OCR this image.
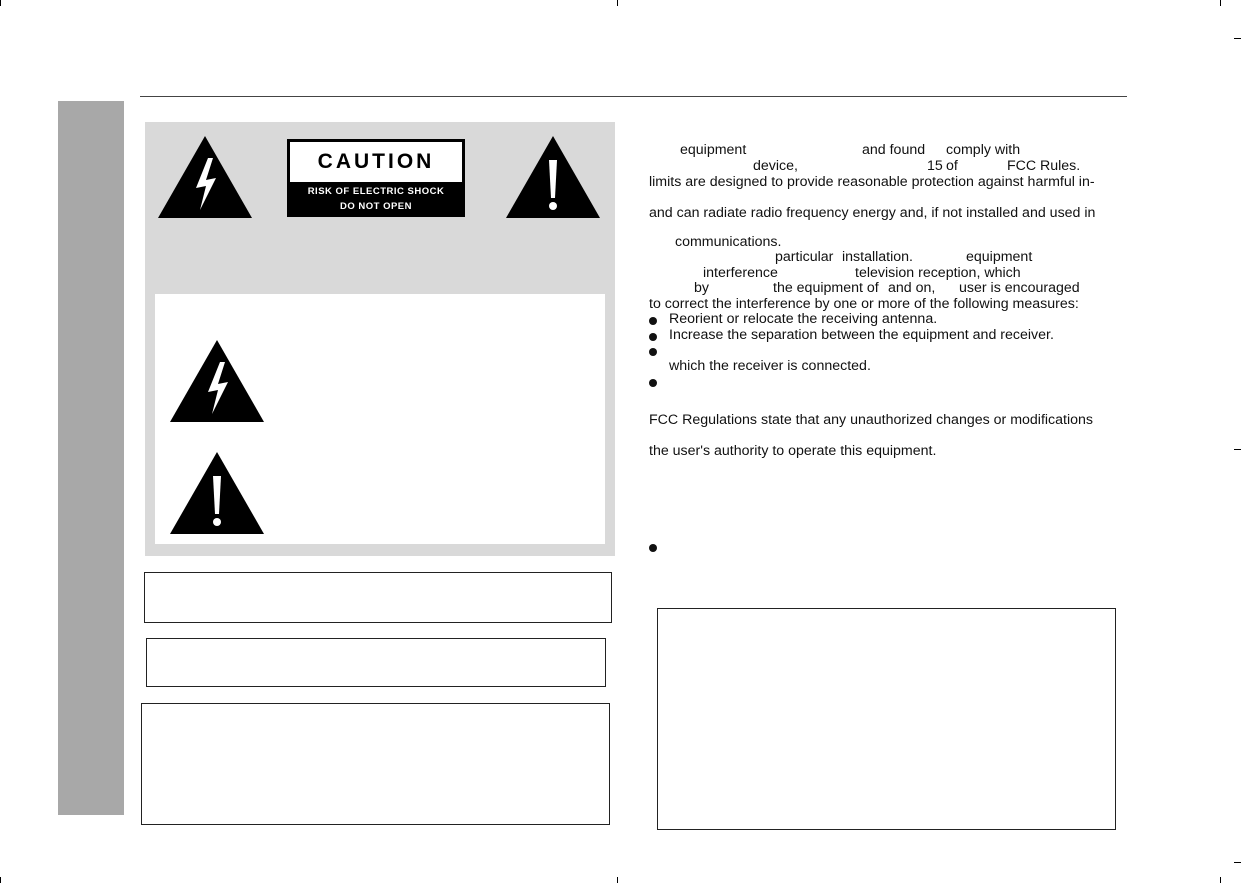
CAUTION
RISK OF ELECTRIC SHOCK
DO NOT OPEN
equipment	and found comply with
device,	15 of	FCC Rules.
limits are designed to provide reasonable protection against harmful in-
and can radiate radio frequency energy and, if not installed and used in
communications.
particular installation.	equipment
interference	television reception, which
by	the equipment of and on, user is encouraged
to correct the interference by one or more of the following measures:
Reorient or relocate the receiving antenna.
Increase the separation between the equipment and receiver.
which the receiver is connected.
FCC Regulations state that any unauthorized changes or modifications
the user's authority to operate this equipment.
